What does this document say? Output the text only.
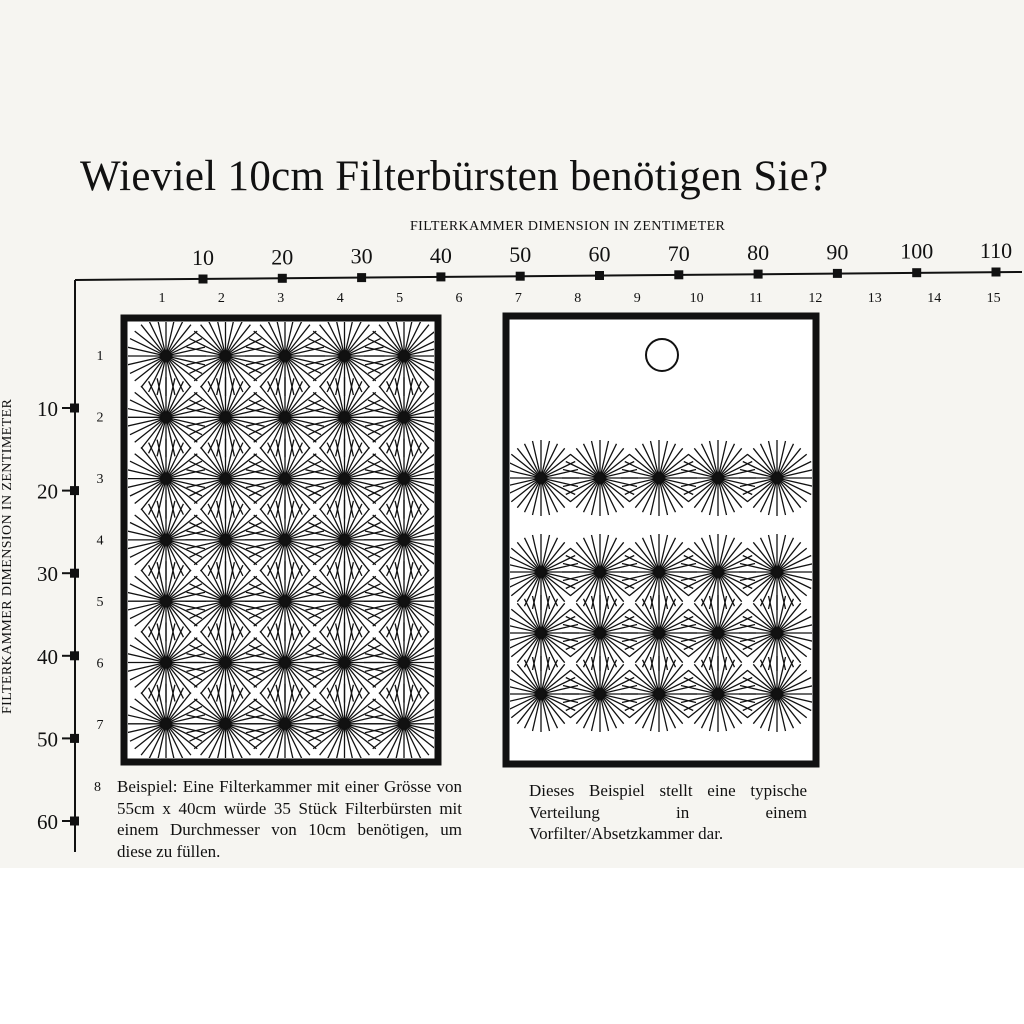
Wieviel 10cm Filterbürsten benötigen Sie?
FILTERKAMMER DIMENSION IN ZENTIMETER
FILTERKAMMER DIMENSION IN ZENTIMETER
10	20	30	40	50	60	70	80	90 100 110
1	2	3	4	5	6	7	8	9	10	11	12	13	14	15
10
20
30
40
50
60
1
2
3
4
5
6
7
8 Beispiel: Eine Filterkammer mit einer Grösse von 55cm x 40cm würde 35 Stück Filterbürsten mit einem Durchmesser von 10cm benötigen, um diese zu füllen.
Dieses Beispiel stellt eine typische Verteilung in einem Vorfilter/Absetzkammer dar.
